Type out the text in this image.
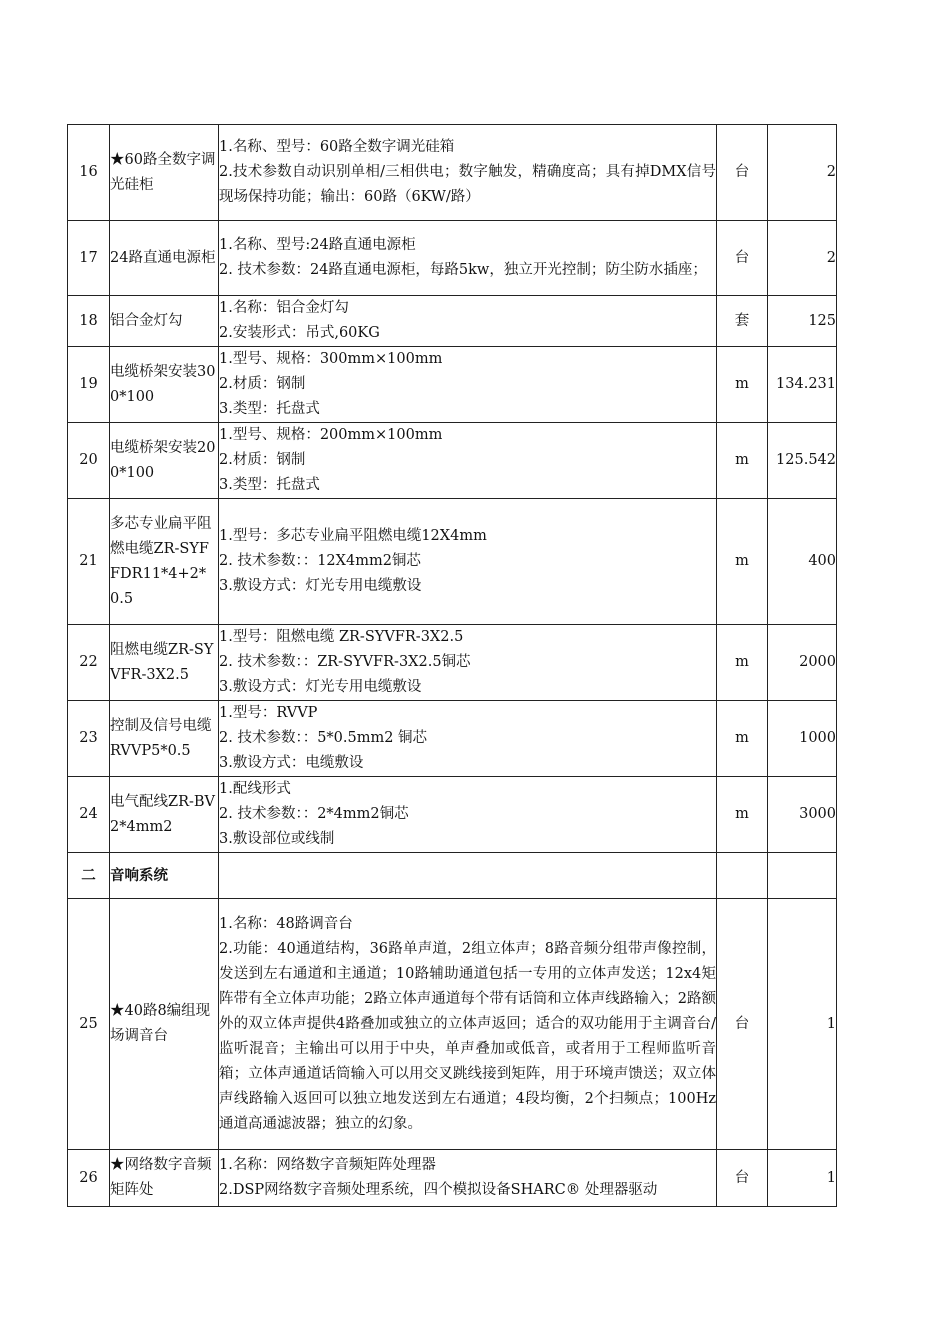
16	★60路全数字调光硅柜	1.名称、型号：60路全数字调光硅箱
2.技术参数自动识别单相/三相供电；数字触发，精确度高；具有掉DMX信号现场保持功能；输出：60路（6KW/路）	台	2
17	24路直通电源柜	1.名称、型号:24路直通电源柜
2. 技术参数：24路直通电源柜，每路5kw，独立开光控制；防尘防水插座；	台	2
18	铝合金灯勾	1.名称：铝合金灯勾
2.安装形式：吊式,60KG	套	125
19	电缆桥架安装300*100	1.型号、规格：300mm×100mm
2.材质：钢制
3.类型：托盘式	m	134.231
20	电缆桥架安装200*100	1.型号、规格：200mm×100mm
2.材质：钢制
3.类型：托盘式	m	125.542
21	多芯专业扁平阻燃电缆ZR-SYFFDR11*4+2*0.5	1.型号：多芯专业扁平阻燃电缆12X4mm
2. 技术参数：：12X4mm2铜芯
3.敷设方式：灯光专用电缆敷设	m	400
22	阻燃电缆ZR-SYVFR-3X2.5	1.型号：阻燃电缆 ZR-SYVFR-3X2.5
2. 技术参数：：ZR-SYVFR-3X2.5铜芯
3.敷设方式：灯光专用电缆敷设	m	2000
23	控制及信号电缆RVVP5*0.5	1.型号：RVVP
2. 技术参数：：5*0.5mm2 铜芯
3.敷设方式：电缆敷设	m	1000
24	电气配线ZR-BV2*4mm2	1.配线形式
2. 技术参数：：2*4mm2铜芯
3.敷设部位或线制	m	3000
二	音响系统			
25	★40路8编组现场调音台	1.名称：48路调音台
2.功能：40通道结构，36路单声道，2组立体声；8路音频分组带声像控制，发送到左右通道和主通道；10路辅助通道包括一专用的立体声发送；12x4矩阵带有全立体声功能；2路立体声通道每个带有话筒和立体声线路输入；2路额外的双立体声提供4路叠加或独立的立体声返回；适合的双功能用于主调音台/监听混音；主输出可以用于中央，单声叠加或低音，或者用于工程师监听音箱；立体声通道话筒输入可以用交叉跳线接到矩阵，用于环境声馈送；双立体声线路输入返回可以独立地发送到左右通道；4段均衡，2个扫频点；100Hz通道高通滤波器；独立的幻象。	台	1
26	★网络数字音频矩阵处	1.名称：网络数字音频矩阵处理器
2.DSP网络数字音频处理系统，四个模拟设备SHARC® 处理器驱动	台	1
